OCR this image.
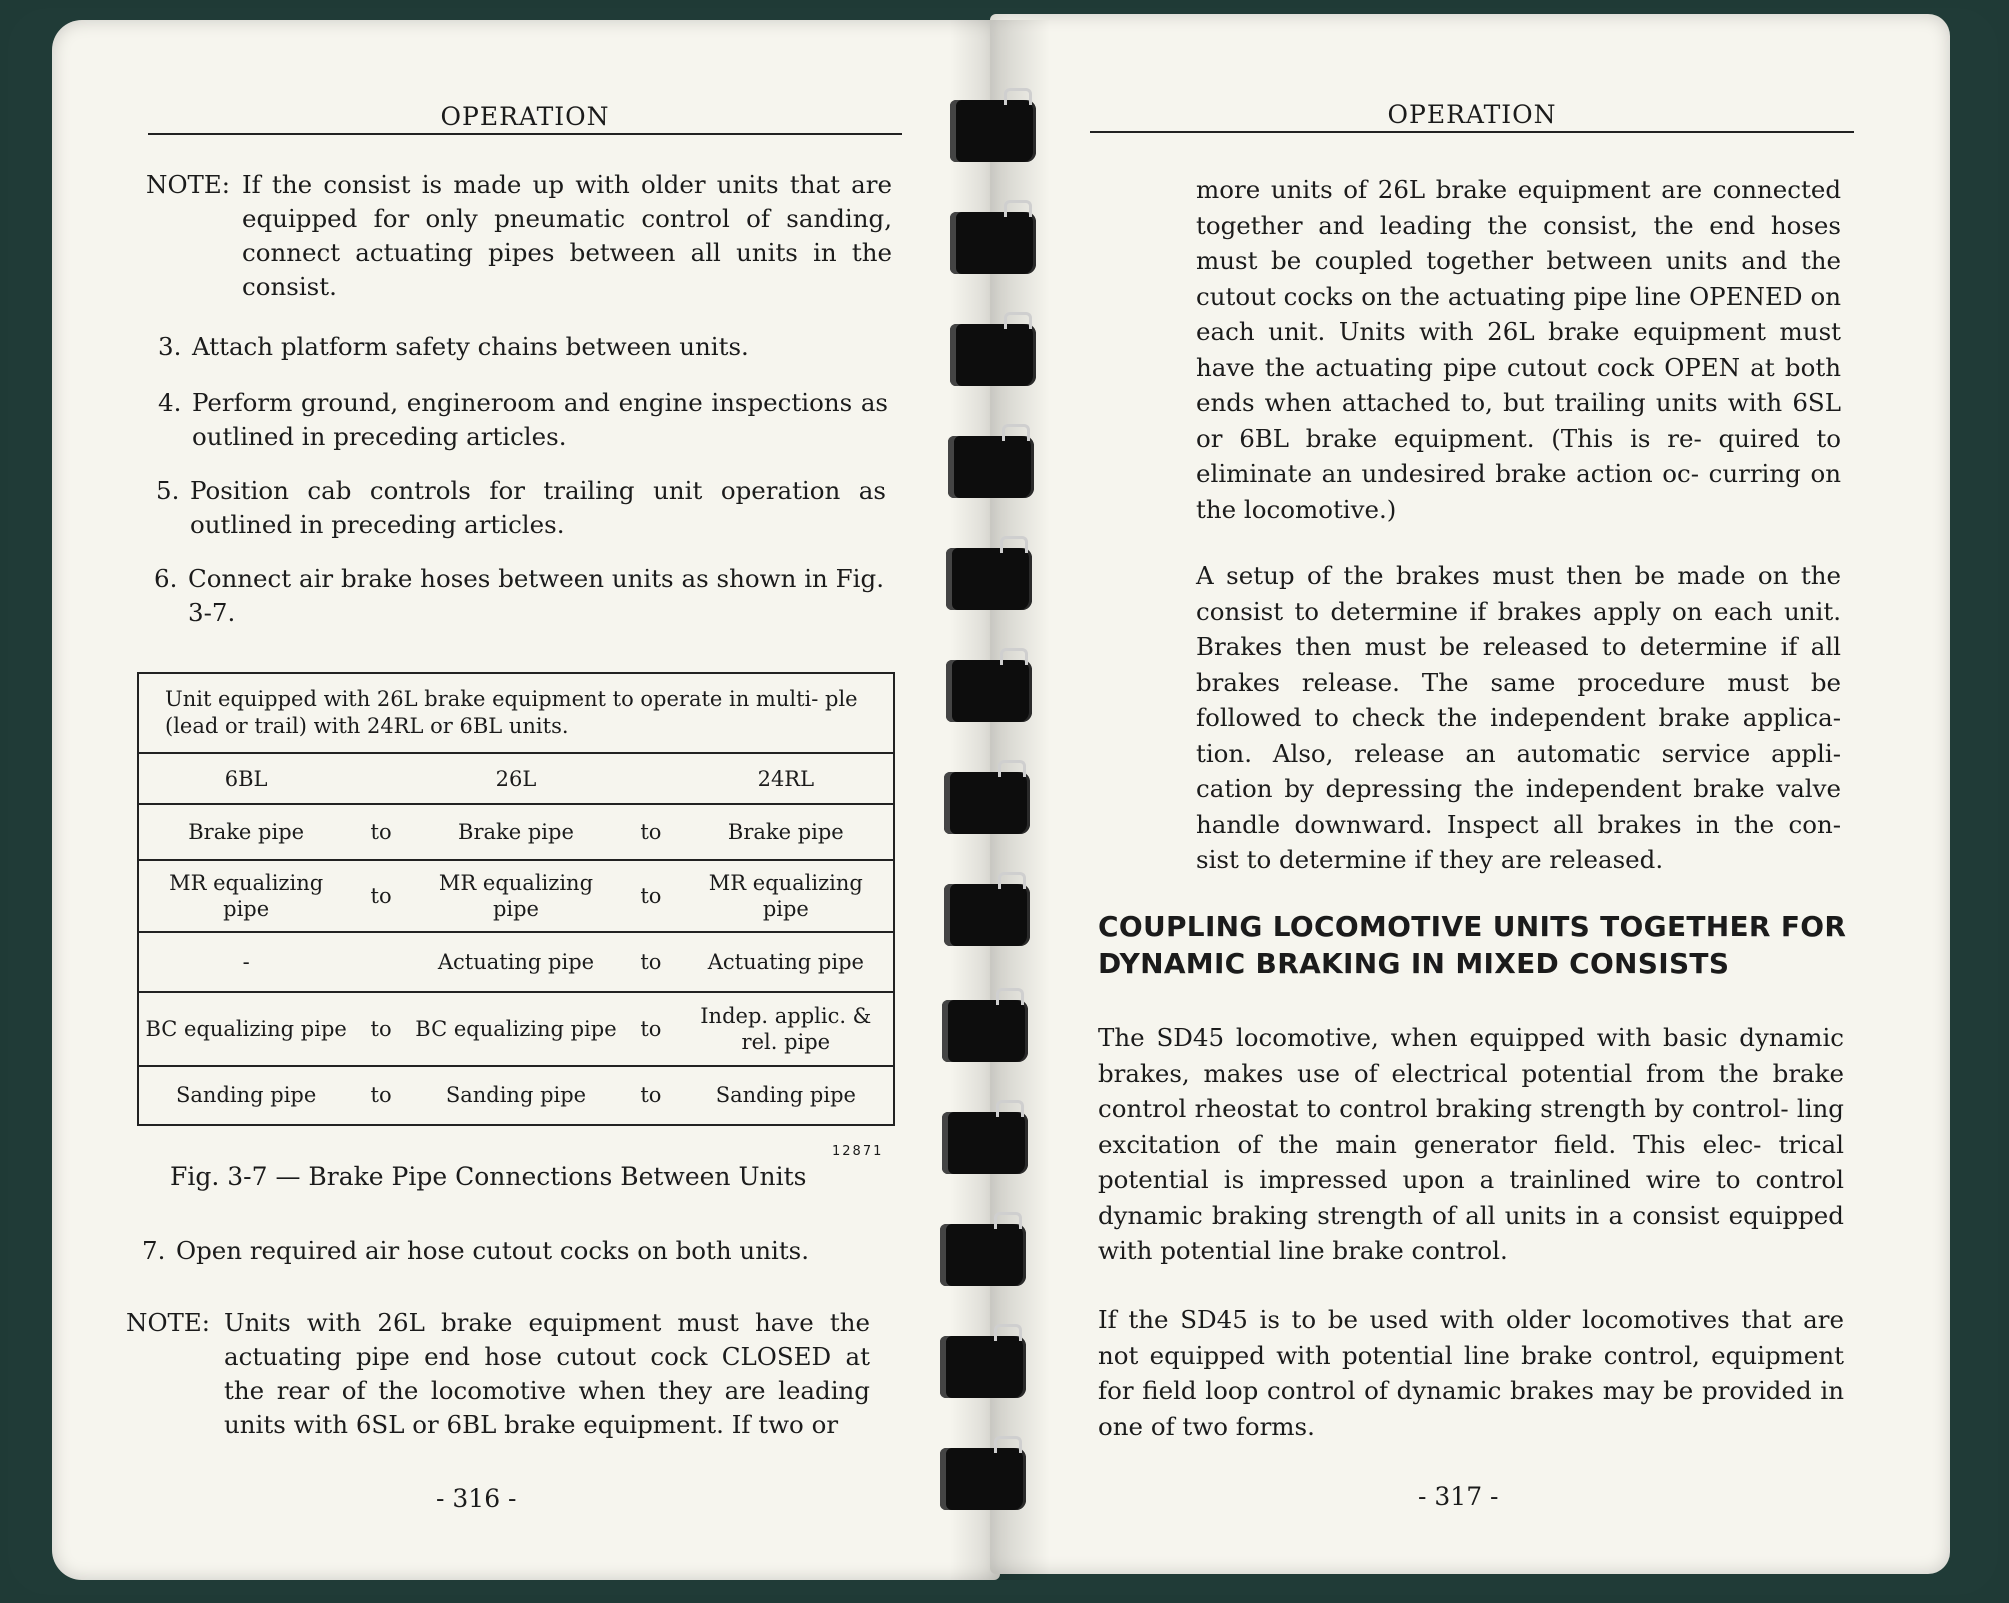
OPERATION
NOTE: If the consist is made up with older units that are equipped for only pneumatic control of sanding, connect actuating pipes between all units in the consist.
3. Attach platform safety chains between units.
4. Perform ground, engineroom and engine inspections as outlined in preceding articles.
5. Position cab controls for trailing unit operation as outlined in preceding articles.
6. Connect air brake hoses between units as shown in Fig. 3-7.
Unit equipped with 26L brake equipment to operate in multi- ple (lead or trail) with 24RL or 6BL units.
6BL		26L		24RL
Brake pipe	to	Brake pipe	to	Brake pipe
MR equalizing pipe	to	MR equalizing pipe	to	MR equalizing pipe
-		Actuating pipe	to	Actuating pipe
BC equalizing pipe	to	BC equalizing pipe	to	Indep. applic. & rel. pipe
Sanding pipe	to	Sanding pipe	to	Sanding pipe
12871
Fig. 3-7 — Brake Pipe Connections Between Units
7. Open required air hose cutout cocks on both units.
NOTE: Units with 26L brake equipment must have the actuating pipe end hose cutout cock CLOSED at the rear of the locomotive when they are leading units with 6SL or 6BL brake equipment. If two or
- 316 -
OPERATION
more units of 26L brake equipment are connected together and leading the consist, the end hoses must be coupled together between units and the cutout cocks on the actuating pipe line OPENED on each unit. Units with 26L brake equipment must have the actuating pipe cutout cock OPEN at both ends when attached to, but trailing units with 6SL or 6BL brake equipment. (This is re- quired to eliminate an undesired brake action oc- curring on the locomotive.)
A setup of the brakes must then be made on the consist to determine if brakes apply on each unit. Brakes then must be released to determine if all brakes release. The same procedure must be followed to check the independent brake applica- tion. Also, release an automatic service appli- cation by depressing the independent brake valve handle downward. Inspect all brakes in the con- sist to determine if they are released.
COUPLING LOCOMOTIVE UNITS TOGETHER FOR DYNAMIC BRAKING IN MIXED CONSISTS
The SD45 locomotive, when equipped with basic dynamic brakes, makes use of electrical potential from the brake control rheostat to control braking strength by control- ling excitation of the main generator field. This elec- trical potential is impressed upon a trainlined wire to control dynamic braking strength of all units in a consist equipped with potential line brake control.
If the SD45 is to be used with older locomotives that are not equipped with potential line brake control, equipment for field loop control of dynamic brakes may be provided in one of two forms.
- 317 -
